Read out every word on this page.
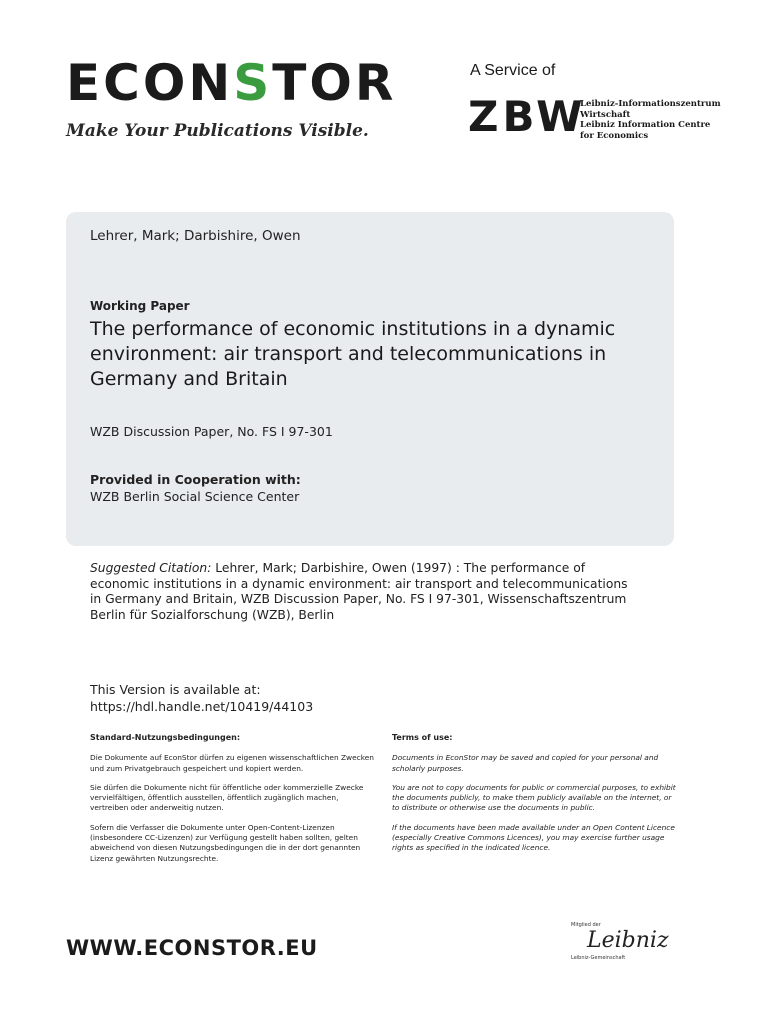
ECONSTOR
Make Your Publications Visible.
A Service of
ZBW
Leibniz-Informationszentrum
Wirtschaft
Leibniz Information Centre
for Economics
Lehrer, Mark; Darbishire, Owen
Working Paper
The performance of economic institutions in a dynamic environment: air transport and telecommunications in Germany and Britain
WZB Discussion Paper, No. FS I 97-301
Provided in Cooperation with:
WZB Berlin Social Science Center
Suggested Citation: Lehrer, Mark; Darbishire, Owen (1997) : The performance of economic institutions in a dynamic environment: air transport and telecommunications in Germany and Britain, WZB Discussion Paper, No. FS I 97-301, Wissenschaftszentrum Berlin für Sozialforschung (WZB), Berlin
This Version is available at:
https://hdl.handle.net/10419/44103
Standard-Nutzungsbedingungen:

Die Dokumente auf EconStor dürfen zu eigenen wissenschaftlichen Zwecken und zum Privatgebrauch gespeichert und kopiert werden.

Sie dürfen die Dokumente nicht für öffentliche oder kommerzielle Zwecke vervielfältigen, öffentlich ausstellen, öffentlich zugänglich machen, vertreiben oder anderweitig nutzen.

Sofern die Verfasser die Dokumente unter Open-Content-Lizenzen (insbesondere CC-Lizenzen) zur Verfügung gestellt haben sollten, gelten abweichend von diesen Nutzungsbedingungen die in der dort genannten Lizenz gewährten Nutzungsrechte.

Terms of use:

Documents in EconStor may be saved and copied for your personal and scholarly purposes.

You are not to copy documents for public or commercial purposes, to exhibit the documents publicly, to make them publicly available on the internet, or to distribute or otherwise use the documents in public.

If the documents have been made available under an Open Content Licence (especially Creative Commons Licences), you may exercise further usage rights as specified in the indicated licence.

WWW.ECONSTOR.EU
Mitglied der
Leibniz
Leibniz-Gemeinschaft
